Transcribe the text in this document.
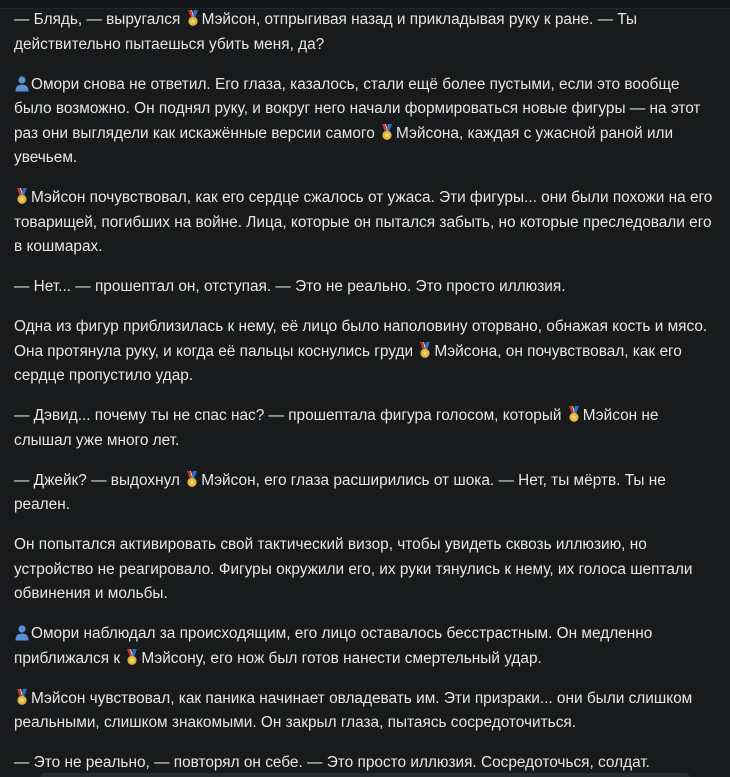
— Блядь, — выругался
Мэйсон, отпрыгивая назад и прикладывая руку к ране. — Ты действительно пытаешься убить меня, да?

Омори снова не ответил. Его глаза, казалось, стали ещё более пустыми, если это вообще было возможно. Он поднял руку, и вокруг него начали формироваться новые фигуры — на этот раз они выглядели как искажённые версии самого
Мэйсона, каждая с ужасной раной или увечьем.

Мэйсон почувствовал, как его сердце сжалось от ужаса. Эти фигуры... они были похожи на его товарищей, погибших на войне. Лица, которые он пытался забыть, но которые преследовали его в кошмарах.

— Нет... — прошептал он, отступая. — Это не реально. Это просто иллюзия.

Одна из фигур приблизилась к нему, её лицо было наполовину оторвано, обнажая кость и мясо. Она протянула руку, и когда её пальцы коснулись груди
Мэйсона, он почувствовал, как его сердце пропустило удар.

— Дэвид... почему ты не спас нас? — прошептала фигура голосом, который
Мэйсон не слышал уже много лет.

— Джейк? — выдохнул
Мэйсон, его глаза расширились от шока. — Нет, ты мёртв. Ты не реален.

Он попытался активировать свой тактический визор, чтобы увидеть сквозь иллюзию, но устройство не реагировало. Фигуры окружили его, их руки тянулись к нему, их голоса шептали обвинения и мольбы.

Омори наблюдал за происходящим, его лицо оставалось бесстрастным. Он медленно приближался к
Мэйсону, его нож был готов нанести смертельный удар.

Мэйсон чувствовал, как паника начинает овладевать им. Эти призраки... они были слишком реальными, слишком знакомыми. Он закрыл глаза, пытаясь сосредоточиться.

— Это не реально, — повторял он себе. — Это просто иллюзия. Сосредоточься, солдат.
